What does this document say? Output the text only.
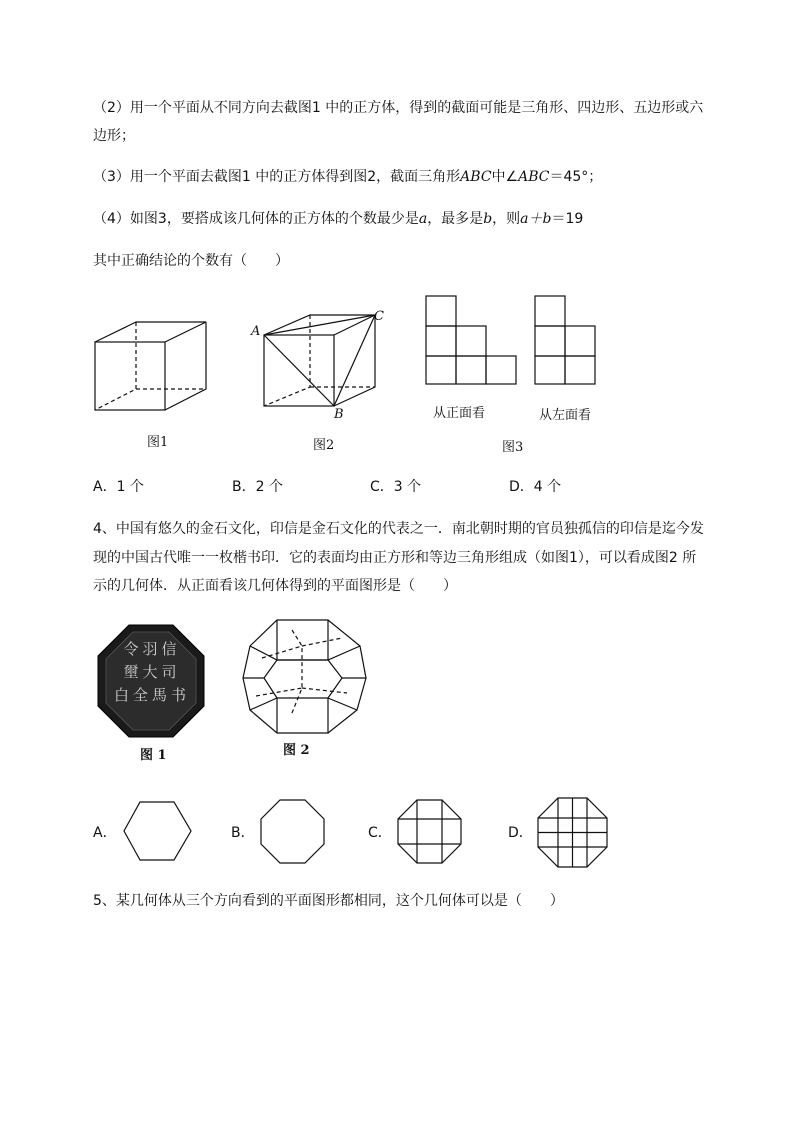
（2）用一个平面从不同方向去截图1 中的正方体，得到的截面可能是三角形、四边形、五边形或六
边形；
（3）用一个平面去截图1 中的正方体得到图2，截面三角形ABC中∠ABC＝45°；
（4）如图3，要搭成该几何体的正方体的个数最少是a，最多是b，则a＋b＝19
其中正确结论的个数有（　　）
图1
A
B
C
图2
从正面看	从左面看
图3
A．1 个	B．2 个	C．3 个	D．4 个
4、中国有悠久的金石文化，印信是金石文化的代表之一．南北朝时期的官员独孤信的印信是迄今发
现的中国古代唯一一枚楷书印．它的表面均由正方形和等边三角形组成（如图1），可以看成图2 所
示的几何体．从正面看该几何体得到的平面图形是（　　）
令羽信
壐大司
白全馬书
图 1	图 2
A．	B．	C．	D．
5、某几何体从三个方向看到的平面图形都相同，这个几何体可以是（　　）
